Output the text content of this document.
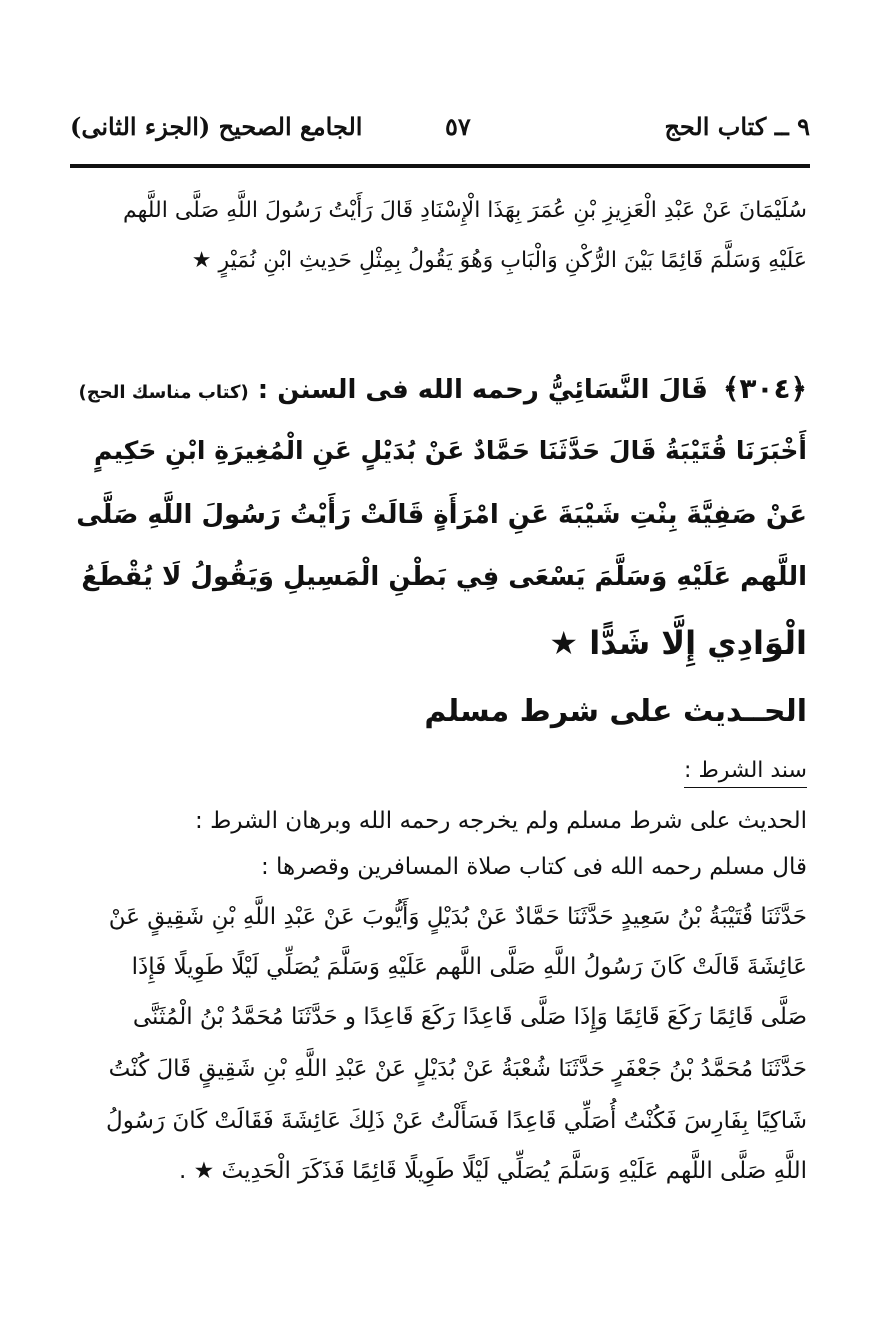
٩ ــ كتاب الحج
٥٧
الجامع الصحيح (الجزء الثانى)
سُلَيْمَانَ عَنْ عَبْدِ الْعَزِيزِ بْنِ عُمَرَ بِهَذَا الْإِسْنَادِ قَالَ رَأَيْتُ رَسُولَ اللَّهِ صَلَّى اللَّهم
عَلَيْهِ وَسَلَّمَ قَائِمًا بَيْنَ الرُّكْنِ وَالْبَابِ وَهُوَ يَقُولُ بِمِثْلِ حَدِيثِ ابْنِ نُمَيْرٍ ★
﴿٣٠٤﴾ قَالَ النَّسَائِيُّ رحمه الله فى السنن : (كتاب مناسك الحج)
أَخْبَرَنَا قُتَيْبَةُ قَالَ حَدَّثَنَا حَمَّادٌ عَنْ بُدَيْلٍ عَنِ الْمُغِيرَةِ ابْنِ حَكِيمٍ
عَنْ صَفِيَّةَ بِنْتِ شَيْبَةَ عَنِ امْرَأَةٍ قَالَتْ رَأَيْتُ رَسُولَ اللَّهِ صَلَّى
اللَّهم عَلَيْهِ وَسَلَّمَ يَسْعَى فِي بَطْنِ الْمَسِيلِ وَيَقُولُ لَا يُقْطَعُ
الْوَادِي إِلَّا شَدًّا ★
الحــديث على شرط مسلم
سند الشرط :
الحديث على شرط مسلم ولم يخرجه رحمه الله وبرهان الشرط :
قال مسلم رحمه الله فى كتاب صلاة المسافرين وقصرها :
حَدَّثَنَا قُتَيْبَةُ بْنُ سَعِيدٍ حَدَّثَنَا حَمَّادٌ عَنْ بُدَيْلٍ وَأَيُّوبَ عَنْ عَبْدِ اللَّهِ بْنِ شَقِيقٍ عَنْ
عَائِشَةَ قَالَتْ كَانَ رَسُولُ اللَّهِ صَلَّى اللَّهم عَلَيْهِ وَسَلَّمَ يُصَلِّي لَيْلًا طَوِيلًا فَإِذَا
صَلَّى قَائِمًا رَكَعَ قَائِمًا وَإِذَا صَلَّى قَاعِدًا رَكَعَ قَاعِدًا و حَدَّثَنَا مُحَمَّدُ بْنُ الْمُثَنَّى
حَدَّثَنَا مُحَمَّدُ بْنُ جَعْفَرٍ حَدَّثَنَا شُعْبَةُ عَنْ بُدَيْلٍ عَنْ عَبْدِ اللَّهِ بْنِ شَقِيقٍ قَالَ كُنْتُ
شَاكِيًا بِفَارِسَ فَكُنْتُ أُصَلِّي قَاعِدًا فَسَأَلْتُ عَنْ ذَلِكَ عَائِشَةَ فَقَالَتْ كَانَ رَسُولُ
اللَّهِ صَلَّى اللَّهم عَلَيْهِ وَسَلَّمَ يُصَلِّي لَيْلًا طَوِيلًا قَائِمًا فَذَكَرَ الْحَدِيثَ ★ .
